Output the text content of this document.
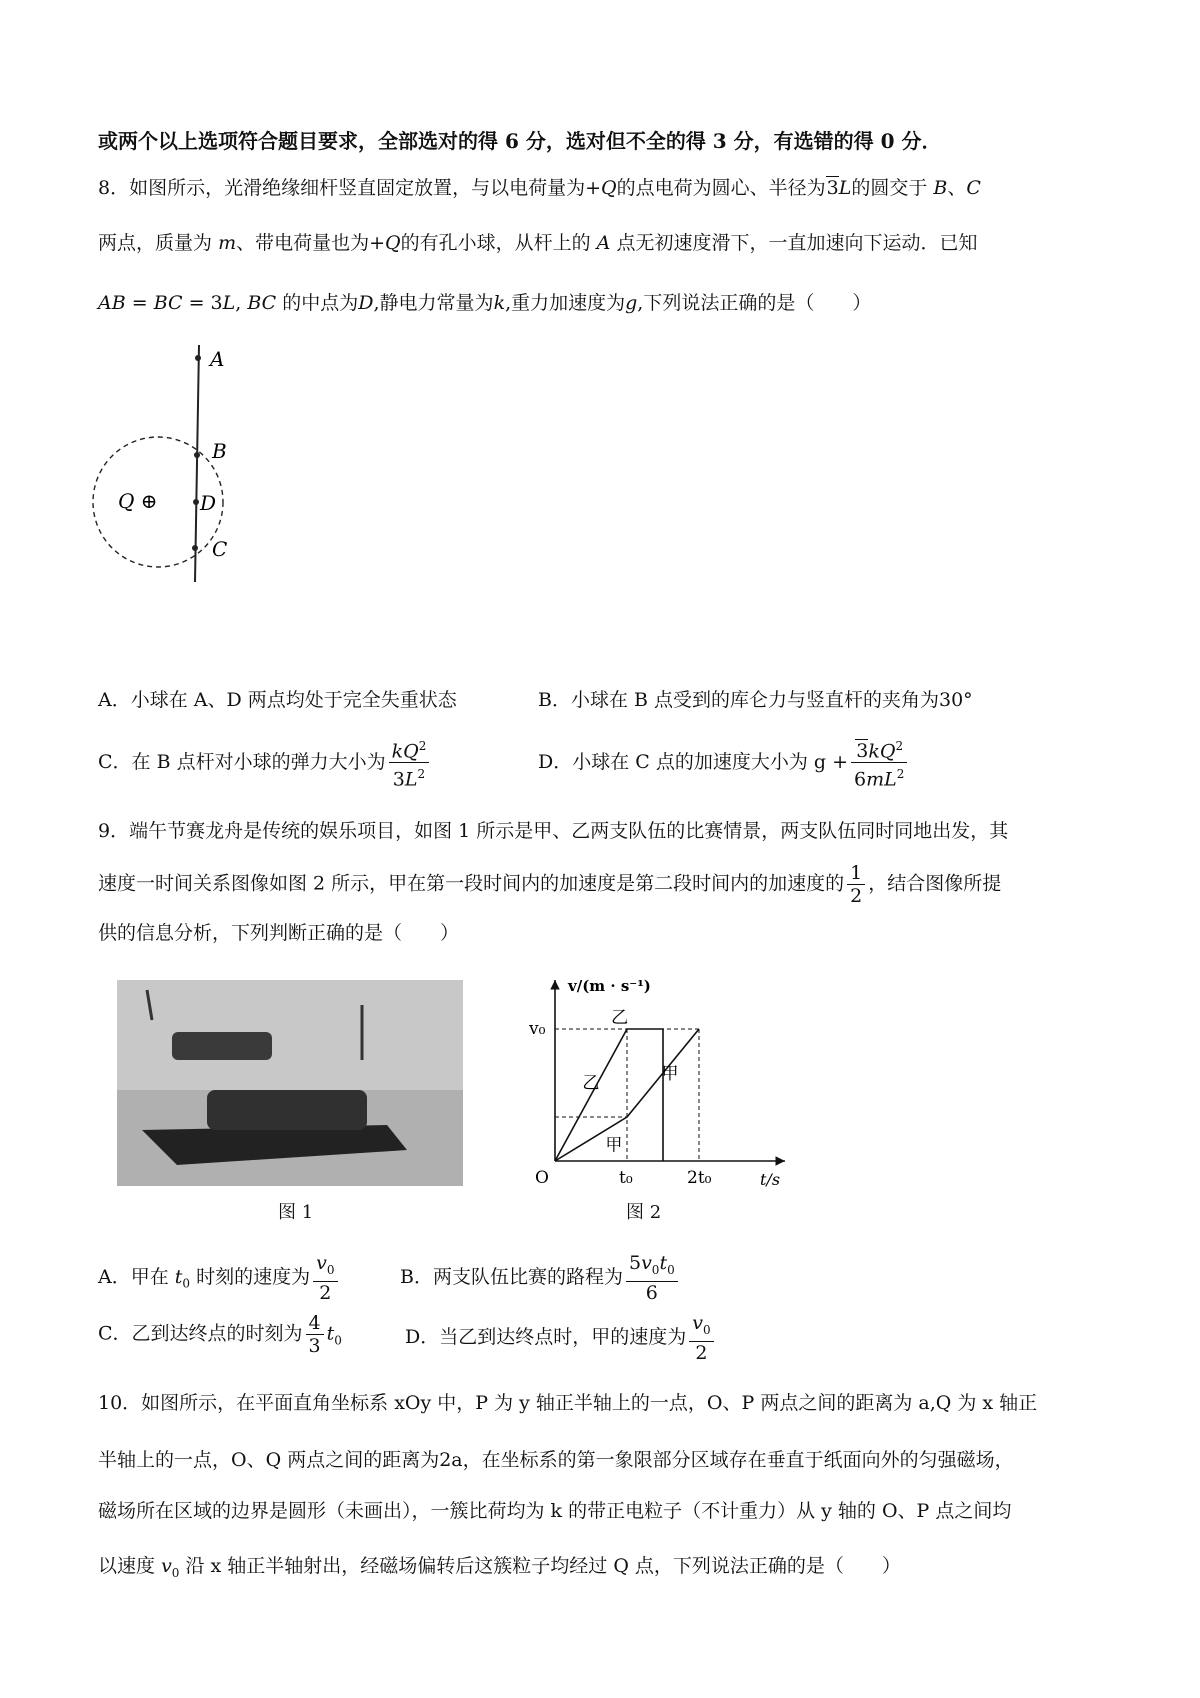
或两个以上选项符合题目要求，全部选对的得 6 分，选对但不全的得 3 分，有选错的得 0 分．
8．如图所示，光滑绝缘细杆竖直固定放置，与以电荷量为+Q的点电荷为圆心、半径为3L的圆交于 B、C
两点，质量为 m、带电荷量也为+Q的有孔小球，从杆上的 A 点无初速度滑下，一直加速向下运动．已知
AB = BC = 3L, BC 的中点为D,静电力常量为k,重力加速度为g,下列说法正确的是（　　）
A
B
D
C
Q ⊕
A．小球在 A、D 两点均处于完全失重状态	B．小球在 B 点受到的库仑力与竖直杆的夹角为30°
C．在 B 点杆对小球的弹力大小为 $\frac{kQ^2}{3L^2}$	D．小球在 C 点的加速度大小为 $g + \frac{3kQ^2}{6mL^2}$
9．端午节赛龙舟是传统的娱乐项目，如图 1 所示是甲、乙两支队伍的比赛情景，两支队伍同时同地出发，其
速度一时间关系图像如图 2 所示，甲在第一段时间内的加速度是第二段时间内的加速度的 $\frac{1}{2}$ ，结合图像所提
供的信息分析，下列判断正确的是（　　）
图 1
乙
乙	甲
甲
v₀
O	t₀	2t₀
v/(m · s⁻¹)
t/s
图 2
A．甲在 $t_0$ 时刻的速度为 $\frac{v_0}{2}$	B．两支队伍比赛的路程为 $\frac{5v_0t_0}{6}$
C．乙到达终点的时刻为 $\frac{4}{3} t_0$	D．当乙到达终点时，甲的速度为 $\frac{v_0}{2}$
10．如图所示，在平面直角坐标系 xOy 中，P 为 y 轴正半轴上的一点，O、P 两点之间的距离为 a,Q 为 x 轴正
半轴上的一点，O、Q 两点之间的距离为2a，在坐标系的第一象限部分区域存在垂直于纸面向外的匀强磁场，
磁场所在区域的边界是圆形（未画出），一簇比荷均为 k 的带正电粒子（不计重力）从 y 轴的 O、P 点之间均
以速度 $v_0$ 沿 x 轴正半轴射出，经磁场偏转后这簇粒子均经过 Q 点，下列说法正确的是（　　）
